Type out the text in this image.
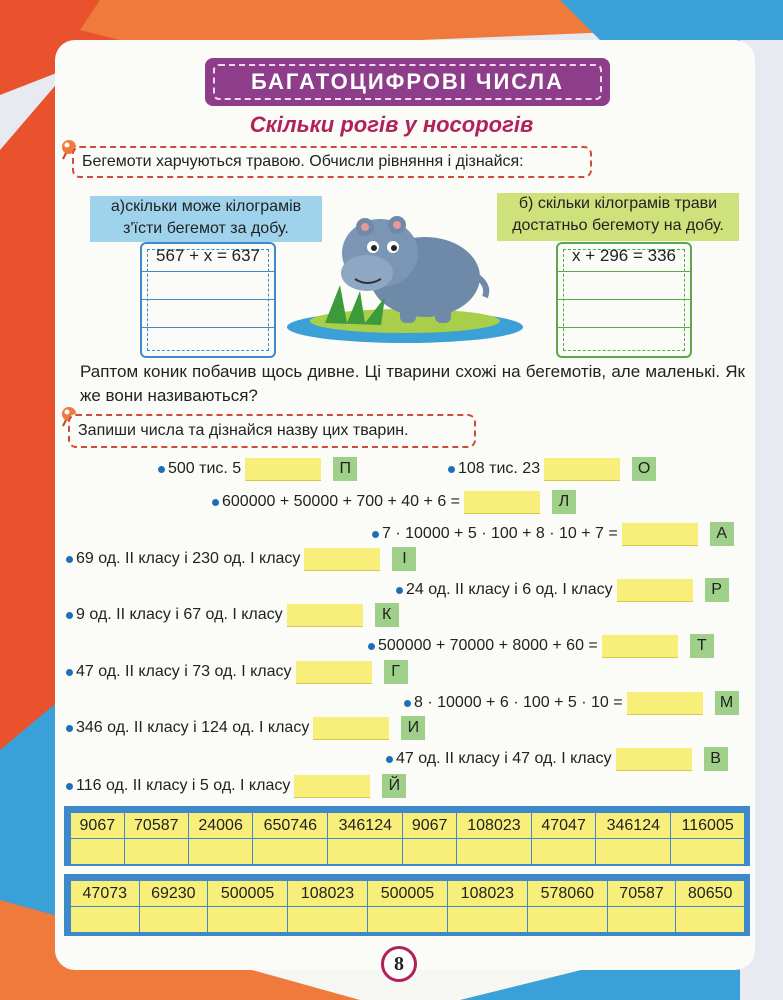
БАГАТОЦИФРОВІ ЧИСЛА
Скільки рогів у носорогів
Бегемоти харчуються травою. Обчисли рівняння і дізнайся:
а)скільки може кілограмів
з'їсти бегемот за добу.
567 + x = 637
б) скільки кілограмів трави
достатньо бегемоту на добу.
x + 296 = 336
Раптом коник побачив щось дивне. Ці тварини схожі на бегемотів, але маленькі. Як же вони називаються?
Запиши числа та дізнайся назву цих тварин.
500 тис. 5	П	108 тис. 23	О
600000 + 50000 + 700 + 40 + 6 =	Л
7 · 10000 + 5 · 100 + 8 · 10 + 7 =	А
69 од. ІІ класу і 230 од. І класу	І
24 од. ІІ класу і 6 од. І класу	Р
9 од. ІІ класу і 67 од. І класу	К
500000 + 70000 + 8000 + 60 =	Т
47 од. ІІ класу і 73 од. І класу	Г
8 · 10000 + 6 · 100 + 5 · 10 =	М
346 од. ІІ класу і 124 од. І класу	И
47 од. ІІ класу і 47 од. І класу	В
116 од. ІІ класу і 5 од. І класу	Й
9067	70587	24006	650746	346124	9067	108023	47047	346124	116005

47073	69230	500005	108023	500005	108023	578060	70587	80650

8
